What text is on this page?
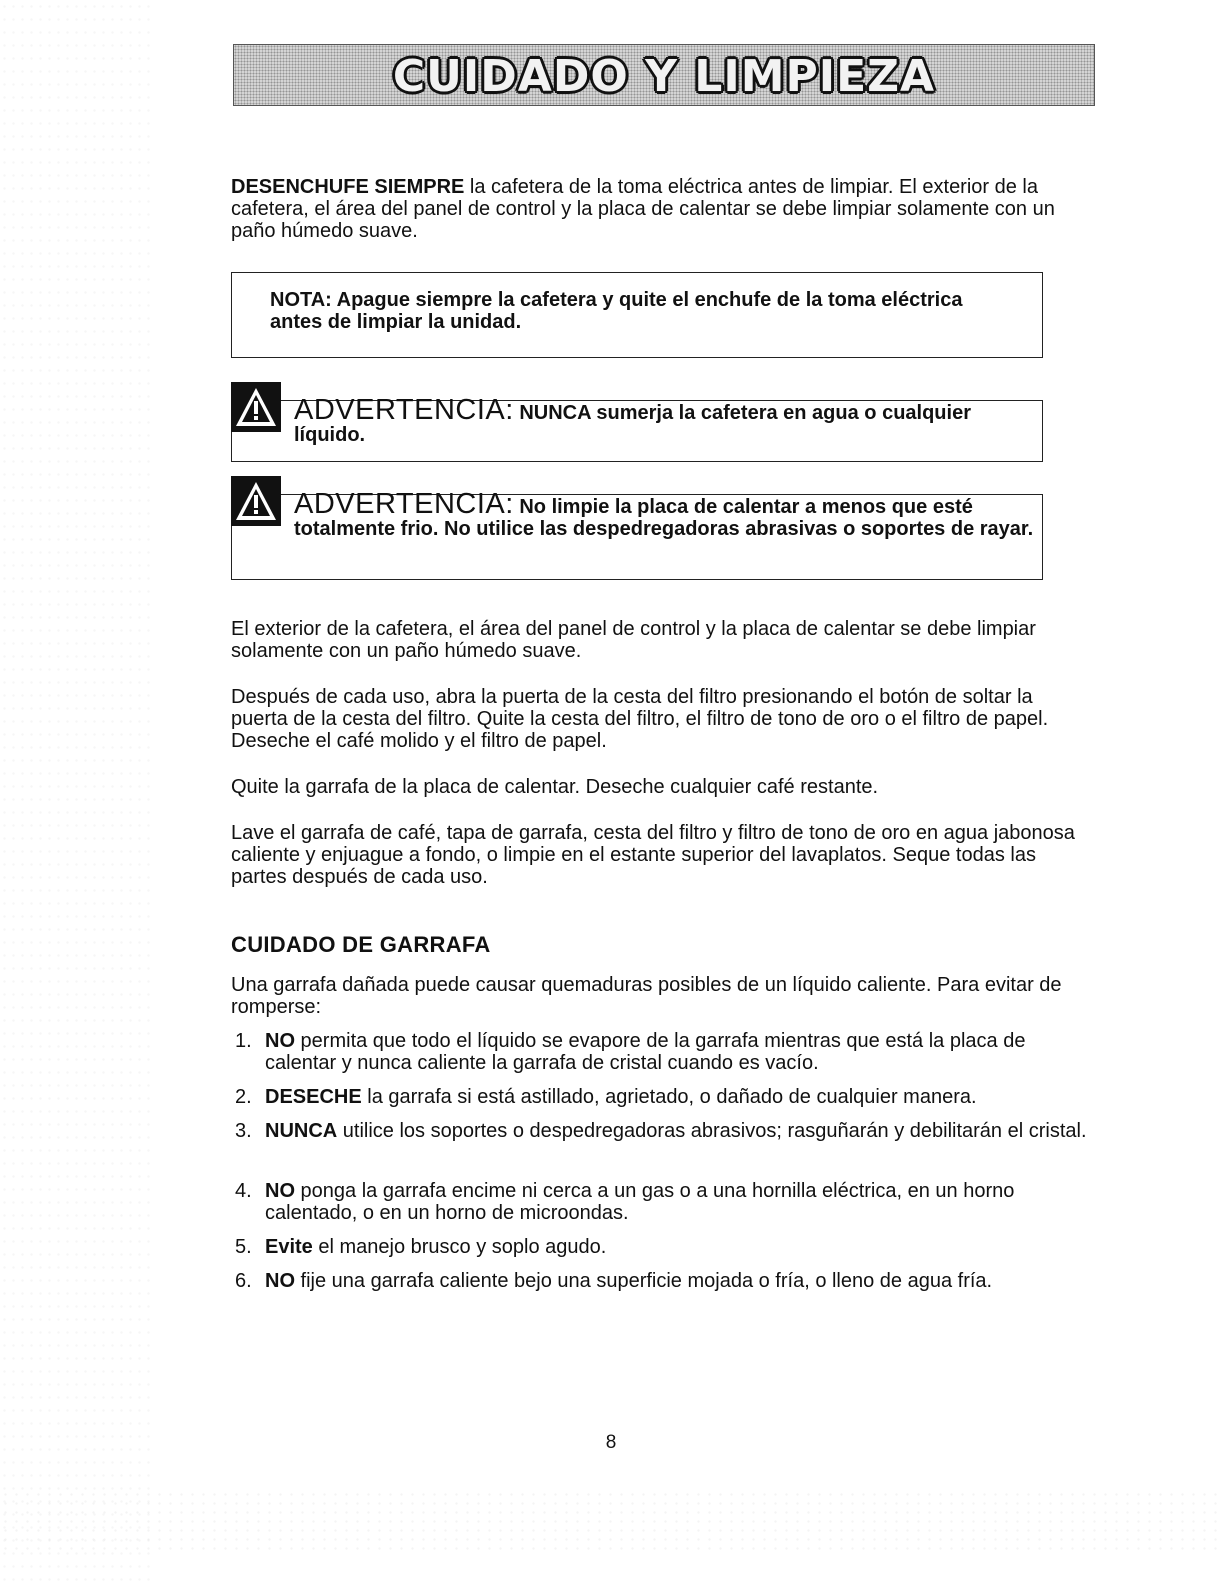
CUIDADO Y LIMPIEZA

DESENCHUFE SIEMPRE la cafetera de la toma eléctrica antes de limpiar. El exterior de la cafetera, el área del panel de control y la placa de calentar se debe limpiar solamente con un paño húmedo suave.

NOTA: Apague siempre la cafetera y quite el enchufe de la toma eléctrica antes de limpiar la unidad.
ADVERTENCIA: NUNCA sumerja la cafetera en agua o cualquier líquido.
ADVERTENCIA: No limpie la placa de calentar a menos que esté totalmente frio. No utilice las despedregadoras abrasivas o soportes de rayar.

El exterior de la cafetera, el área del panel de control y la placa de calentar se debe limpiar solamente con un paño húmedo suave.

Después de cada uso, abra la puerta de la cesta del filtro presionando el botón de soltar la puerta de la cesta del filtro. Quite la cesta del filtro, el filtro de tono de oro o el filtro de papel. Deseche el café molido y el filtro de papel.

Quite la garrafa de la placa de calentar. Deseche cualquier café restante.

Lave el garrafa de café, tapa de garrafa, cesta del filtro y filtro de tono de oro en agua jabonosa caliente y enjuague a fondo, o limpie en el estante superior del lavaplatos. Seque todas las partes después de cada uso.

CUIDADO DE GARRAFA

Una garrafa dañada puede causar quemaduras posibles de un líquido caliente. Para evitar de romperse:

1. NO permita que todo el líquido se evapore de la garrafa mientras que está la placa de calentar y nunca caliente la garrafa de cristal cuando es vacío.
2. DESECHE la garrafa si está astillado, agrietado, o dañado de cualquier manera.
3. NUNCA utilice los soportes o despedregadoras abrasivos; rasguñarán y debilitarán el cristal.
4. NO ponga la garrafa encime ni cerca a un gas o a una hornilla eléctrica, en un horno calentado, o en un horno de microondas.
5. Evite el manejo brusco y soplo agudo.
6. NO fije una garrafa caliente bejo una superficie mojada o fría, o lleno de agua fría.
8
